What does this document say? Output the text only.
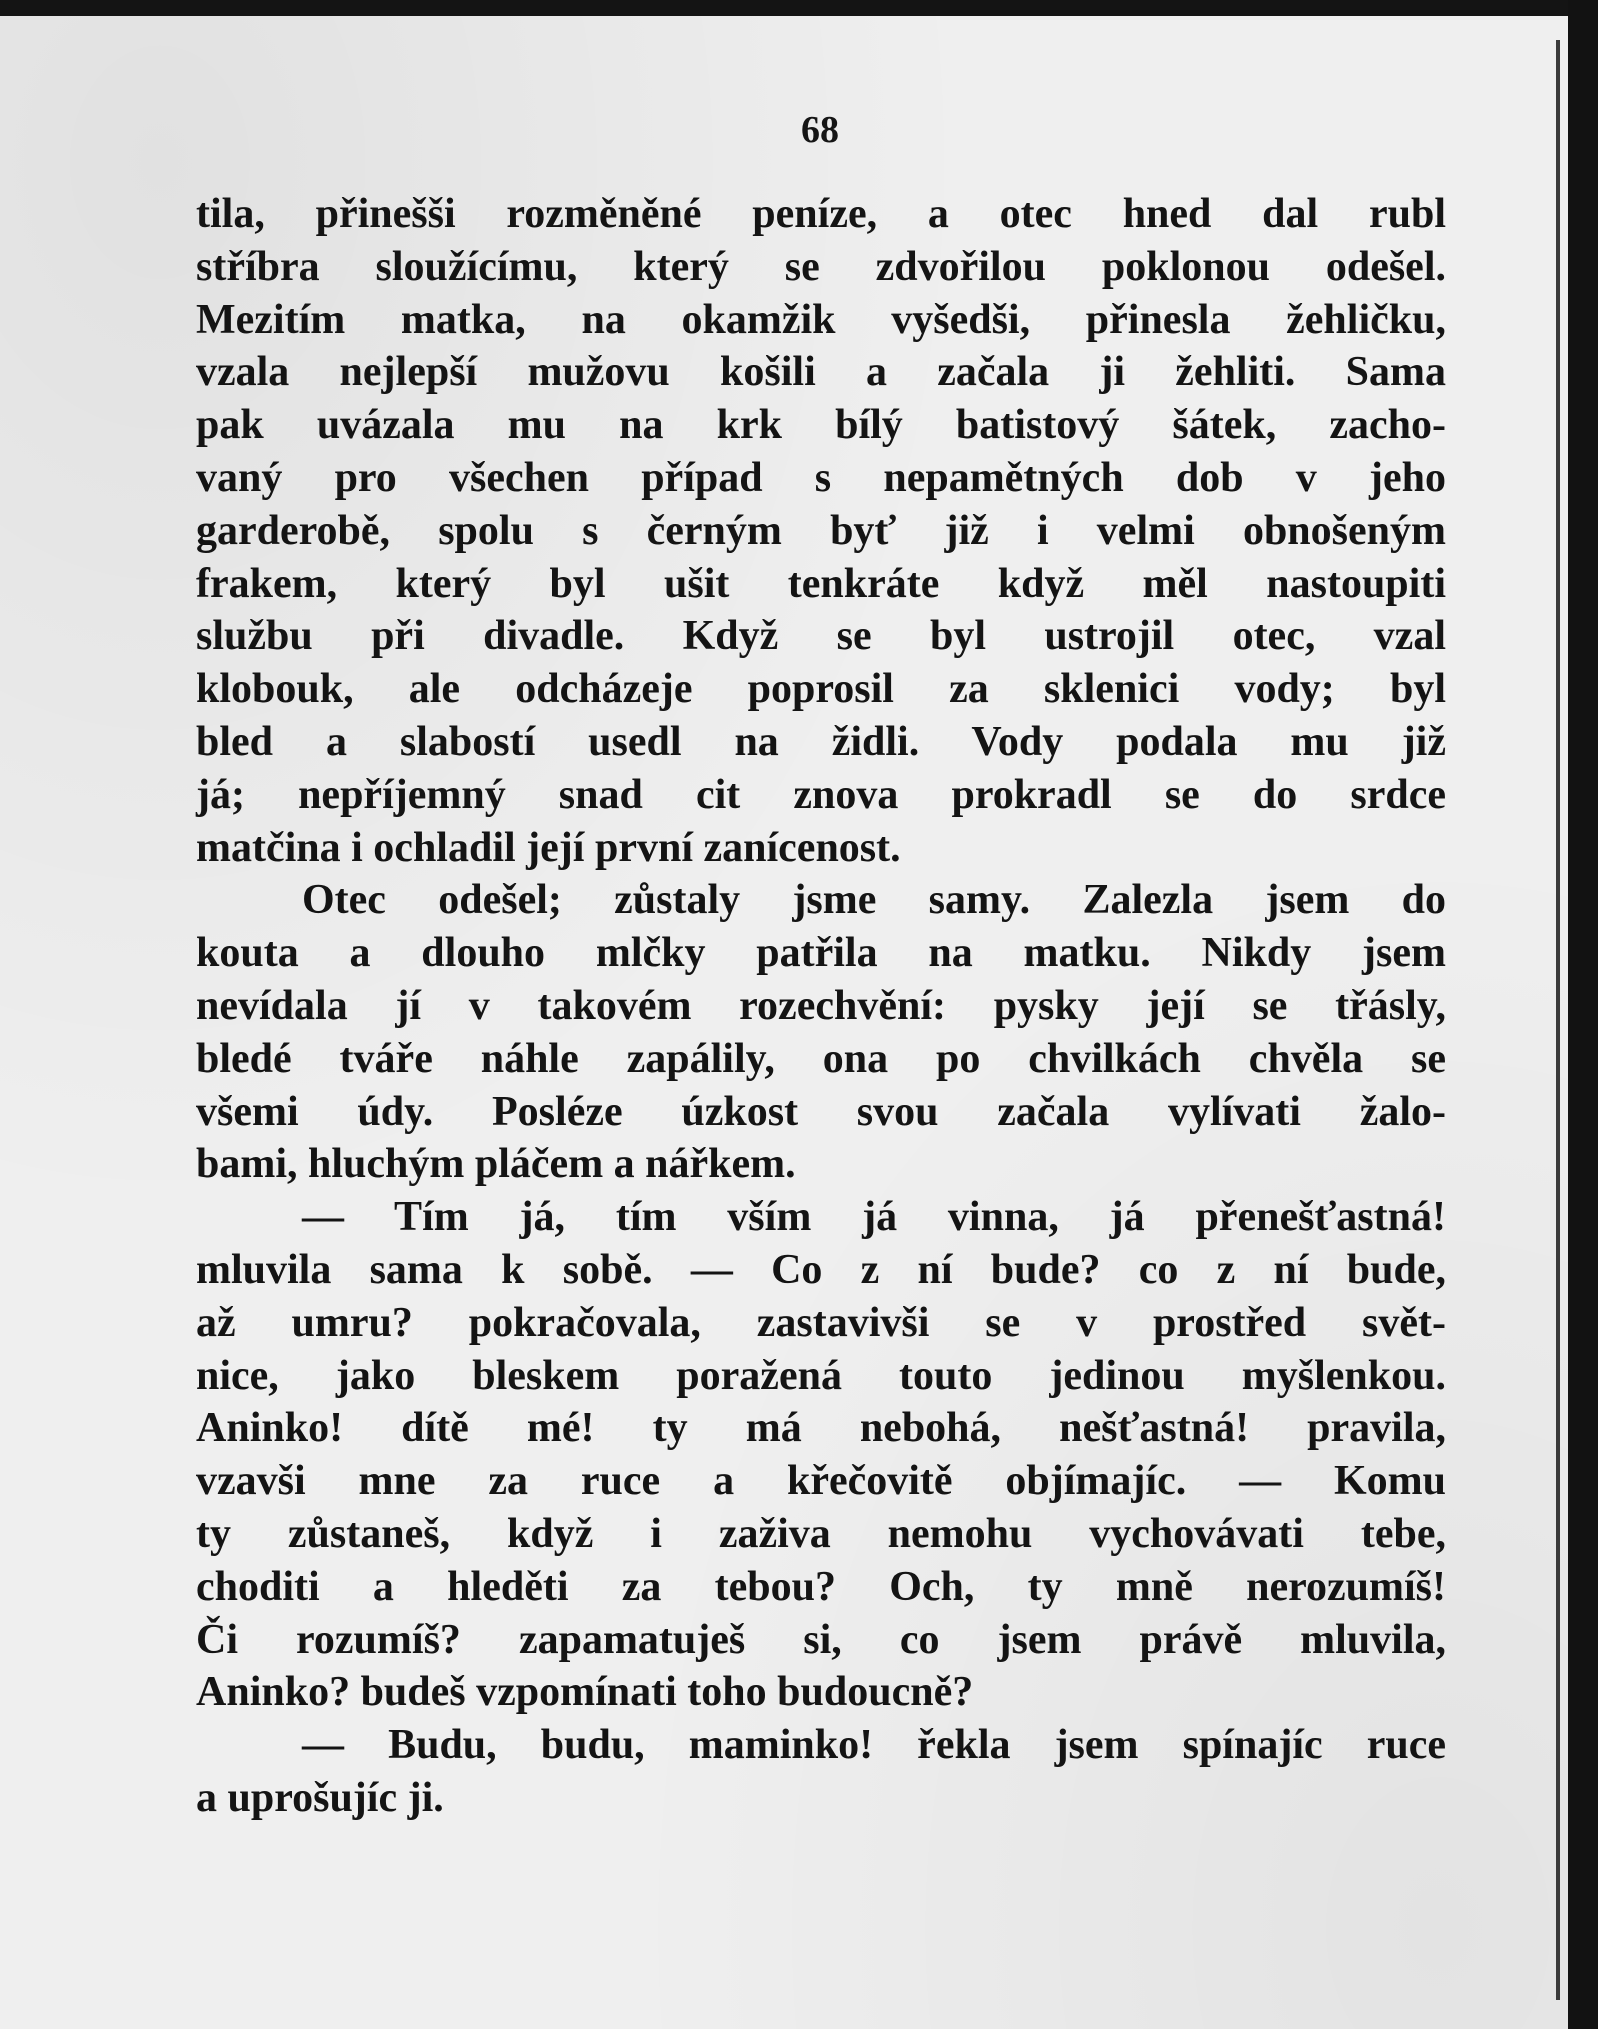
68
tila, přinešši rozměněné peníze, a otec hned dal rubl
stříbra sloužícímu, který se zdvořilou poklonou odešel.
Mezitím matka, na okamžik vyšedši, přinesla žehličku,
vzala nejlepší mužovu košili a začala ji žehliti. Sama
pak uvázala mu na krk bílý batistový šátek, zacho-
vaný pro všechen případ s nepamětných dob v jeho
garderobě, spolu s černým byť již i velmi obnošeným
frakem, který byl ušit tenkráte když měl nastoupiti
službu při divadle. Když se byl ustrojil otec, vzal
klobouk, ale odcházeje poprosil za sklenici vody; byl
bled a slabostí usedl na židli. Vody podala mu již
já; nepříjemný snad cit znova prokradl se do srdce
matčina i ochladil její první zanícenost.
Otec odešel; zůstaly jsme samy. Zalezla jsem do
kouta a dlouho mlčky patřila na matku. Nikdy jsem
nevídala jí v takovém rozechvění: pysky její se třásly,
bledé tváře náhle zapálily, ona po chvilkách chvěla se
všemi údy. Posléze úzkost svou začala vylívati žalo-
bami, hluchým pláčem a nářkem.
— Tím já, tím vším já vinna, já přenešťastná!
mluvila sama k sobě. — Co z ní bude? co z ní bude,
až umru? pokračovala, zastavivši se v prostřed svět-
nice, jako bleskem poražená touto jedinou myšlenkou.
Aninko! dítě mé! ty má nebohá, nešťastná! pravila,
vzavši mne za ruce a křečovitě objímajíc. — Komu
ty zůstaneš, když i zaživa nemohu vychovávati tebe,
choditi a hleděti za tebou? Och, ty mně nerozumíš!
Či rozumíš? zapamatuješ si, co jsem právě mluvila,
Aninko? budeš vzpomínati toho budoucně?
— Budu, budu, maminko! řekla jsem spínajíc ruce
a uprošujíc ji.
